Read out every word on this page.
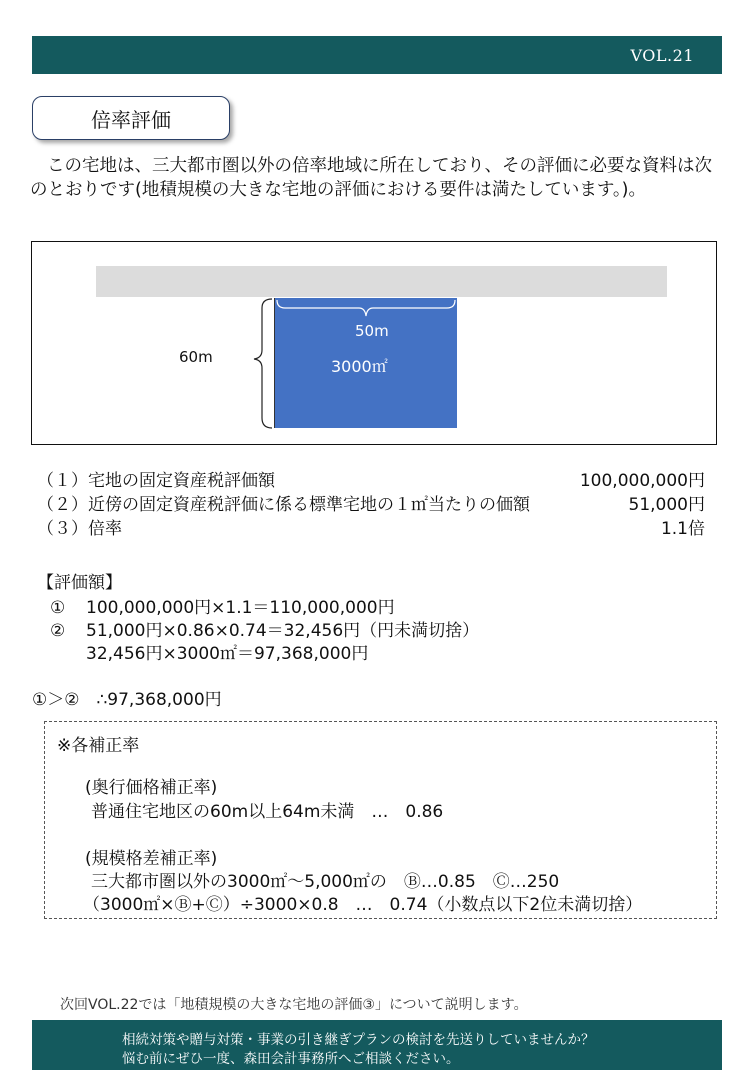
VOL.21
倍率評価
この宅地は、三大都市圏以外の倍率地域に所在しており、その評価に必要な資料は次のとおりです(地積規模の大きな宅地の評価における要件は満たしています。)。
50m
3000㎡
60m
（１）宅地の固定資産税評価額	100,000,000円
（２）近傍の固定資産税評価に係る標準宅地の１㎡当たりの価額	51,000円
（３）倍率	1.1倍
【評価額】
① 100,000,000円×1.1＝110,000,000円
② 51,000円×0.86×0.74＝32,456円（円未満切捨）
32,456円×3000㎡＝97,368,000円
①＞②　∴97,368,000円
※各補正率
(奥行価格補正率)
普通住宅地区の60m以上64m未満　…　0.86
(規模格差補正率)
三大都市圏以外の3000㎡～5,000㎡の　Ⓑ…0.85　Ⓒ…250
（3000㎡×Ⓑ+Ⓒ）÷3000×0.8　…　0.74（小数点以下2位未満切捨）
次回VOL.22では「地積規模の大きな宅地の評価③」について説明します。
相続対策や贈与対策・事業の引き継ぎプランの検討を先送りしていませんか？
悩む前にぜひ一度、森田会計事務所へご相談ください。
